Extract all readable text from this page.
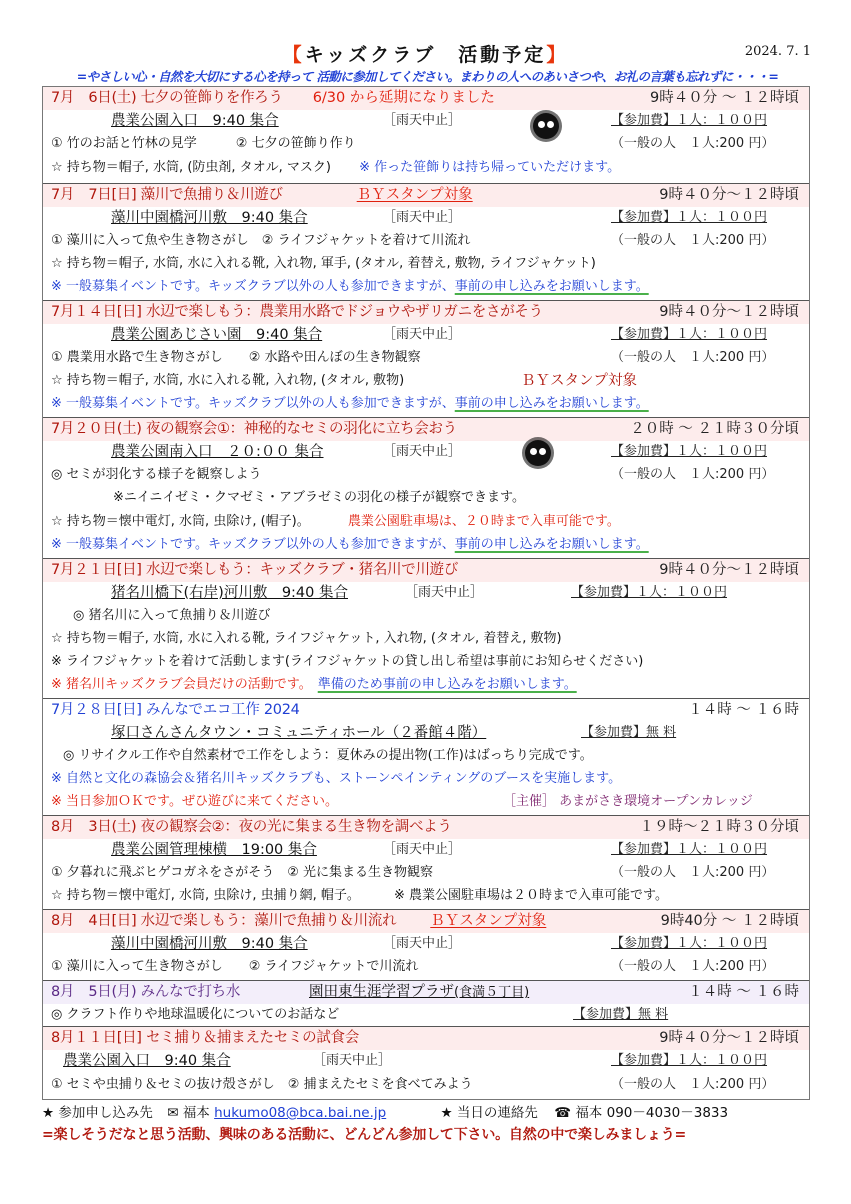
【キッズクラブ　活動予定】	2024. 7. 1
=やさしい心・自然を大切にする心を持って 活動に参加してください。まわりの人へのあいさつや、お礼の言葉も忘れずに・・・=
7月　6日(土) 七夕の笹飾りを作ろう 6/30 から延期になりました	9時４０分 ～ １２時頃
農業公園入口　9:40 集合	［雨天中止］	【参加費】１人：１００円
① 竹のお話と竹林の見学　　　② 七夕の笹飾り作り	（一般の人　１人:200 円）
☆ 持ち物＝帽子, 水筒, (防虫剤, タオル, マスク) ※ 作った笹飾りは持ち帰っていただけます。
7月　7日[日] 藻川で魚捕り＆川遊び	ＢＹスタンプ対象	9時４０分～１２時頃
藻川中園橋河川敷　9:40 集合	［雨天中止］	【参加費】１人：１００円
① 藻川に入って魚や生き物さがし　② ライフジャケットを着けて川流れ	（一般の人　１人:200 円）
☆ 持ち物＝帽子, 水筒, 水に入れる靴, 入れ物, 軍手, (タオル, 着替え, 敷物, ライフジャケット)
※ 一般募集イベントです。キッズクラブ以外の人も参加できますが、事前の申し込みをお願いします。
7月１４日[日] 水辺で楽しもう：農業用水路でドジョウやザリガニをさがそう	9時４０分～１２時頃
農業公園あじさい園　9:40 集合	［雨天中止］	【参加費】１人：１００円
① 農業用水路で生き物さがし　　② 水路や田んぼの生き物観察	（一般の人　１人:200 円）
☆ 持ち物＝帽子, 水筒, 水に入れる靴, 入れ物, (タオル, 敷物)	ＢＹスタンプ対象
※ 一般募集イベントです。キッズクラブ以外の人も参加できますが、事前の申し込みをお願いします。
7月２０日(土) 夜の観察会①：神秘的なセミの羽化に立ち会おう	２０時 ～ ２１時３０分頃
農業公園南入口　２０:００ 集合	［雨天中止］	【参加費】１人：１００円
◎ セミが羽化する様子を観察しよう	（一般の人　１人:200 円）
※ニイニイゼミ・クマゼミ・アブラゼミの羽化の様子が観察できます。
☆ 持ち物＝懐中電灯, 水筒, 虫除け, (帽子)。	農業公園駐車場は、２０時まで入車可能です。
※ 一般募集イベントです。キッズクラブ以外の人も参加できますが、事前の申し込みをお願いします。
7月２１日[日] 水辺で楽しもう：キッズクラブ・猪名川で川遊び	9時４０分～１２時頃
猪名川橋下(右岸)河川敷　9:40 集合	［雨天中止］	【参加費】１人：１００円
◎ 猪名川に入って魚捕り＆川遊び
☆ 持ち物＝帽子, 水筒, 水に入れる靴, ライフジャケット, 入れ物, (タオル, 着替え, 敷物)
※ ライフジャケットを着けて活動します(ライフジャケットの貸し出し希望は事前にお知らせください)
※ 猪名川キッズクラブ会員だけの活動です。 準備のため事前の申し込みをお願いします。
7月２８日[日] みんなでエコ工作 2024	１４時 ～ １６時
塚口さんさんタウン・コミュニティホール（２番館４階）	【参加費】無 料
◎ リサイクル工作や自然素材で工作をしよう：夏休みの提出物(工作)はばっちり完成です。
※ 自然と文化の森協会＆猪名川キッズクラブも、ストーンペインティングのブースを実施します。
※ 当日参加ＯＫです。ぜひ遊びに来てください。	［主催］ あまがさき環境オープンカレッジ
8月　3日(土) 夜の観察会②：夜の光に集まる生き物を調べよう	１９時～２１時３０分頃
農業公園管理棟横　19:00 集合	［雨天中止］	【参加費】１人：１００円
① 夕暮れに飛ぶヒゲコガネをさがそう　② 光に集まる生き物観察	（一般の人　１人:200 円）
☆ 持ち物＝懐中電灯, 水筒, 虫除け, 虫捕り網, 帽子。	※ 農業公園駐車場は２０時まで入車可能です。
8月　4日[日] 水辺で楽しもう：藻川で魚捕り＆川流れ ＢＹスタンプ対象	9時40分 ～ １２時頃
藻川中園橋河川敷　9:40 集合	［雨天中止］	【参加費】１人：１００円
① 藻川に入って生き物さがし　　② ライフジャケットで川流れ	（一般の人　１人:200 円）
8月　5日(月) みんなで打ち水	園田東生涯学習プラザ(食満５丁目)	１４時 ～ １６時
◎ クラフト作りや地球温暖化についてのお話など	【参加費】無 料
8月１１日[日] セミ捕り＆捕まえたセミの試食会	9時４０分～１２時頃
農業公園入口　9:40 集合	［雨天中止］	【参加費】１人：１００円
① セミや虫捕り＆セミの抜け殻さがし　② 捕まえたセミを食べてみよう	（一般の人　１人:200 円）
★ 参加申し込み先 ✉ 福本 hukumo08@bca.bai.ne.jp	★ 当日の連絡先 ☎ 福本 090－4030－3833
=楽しそうだなと思う活動、興味のある活動に、どんどん参加して下さい。自然の中で楽しみましょう=
